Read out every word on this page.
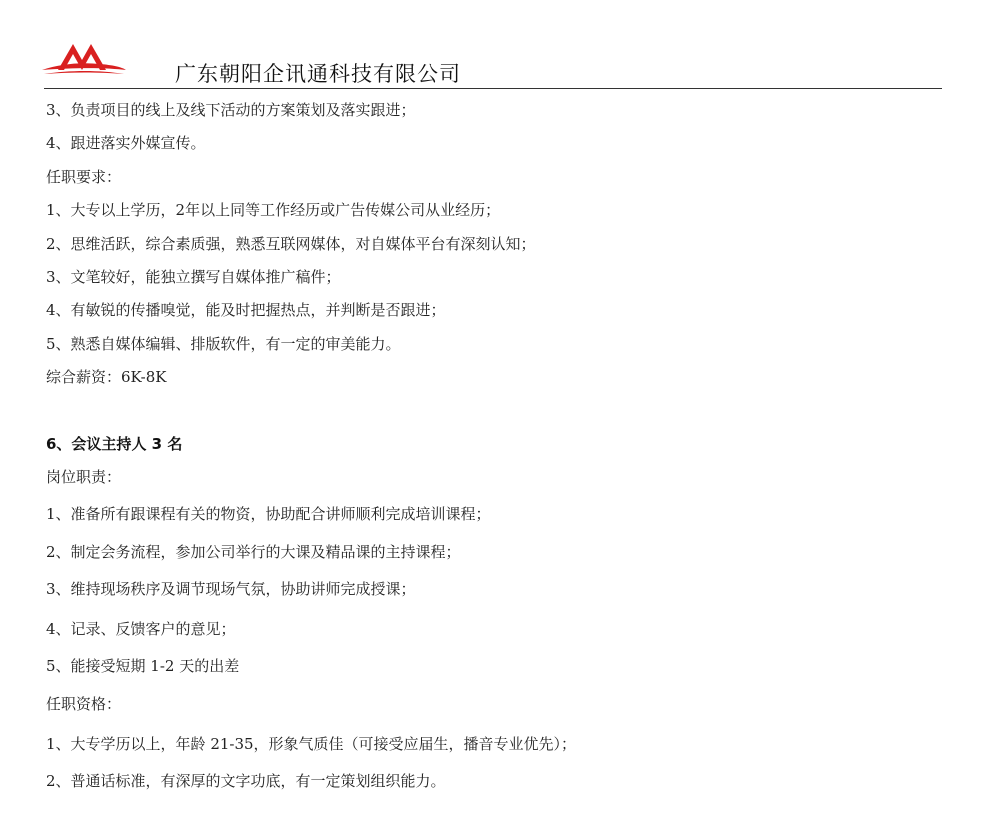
广东朝阳企讯通科技有限公司
3、负责项目的线上及线下活动的方案策划及落实跟进；
4、跟进落实外媒宣传。
任职要求：
1、大专以上学历，2年以上同等工作经历或广告传媒公司从业经历；
2、思维活跃，综合素质强，熟悉互联网媒体，对自媒体平台有深刻认知；
3、文笔较好，能独立撰写自媒体推广稿件；
4、有敏锐的传播嗅觉，能及时把握热点，并判断是否跟进；
5、熟悉自媒体编辑、排版软件，有一定的审美能力。
综合薪资：6K-8K
6、会议主持人 3 名
岗位职责：
1、准备所有跟课程有关的物资，协助配合讲师顺利完成培训课程；
2、制定会务流程，参加公司举行的大课及精品课的主持课程；
3、维持现场秩序及调节现场气氛，协助讲师完成授课；
4、记录、反馈客户的意见；
5、能接受短期 1-2 天的出差
任职资格：
1、大专学历以上，年龄 21-35，形象气质佳（可接受应届生，播音专业优先）；
2、普通话标准，有深厚的文字功底，有一定策划组织能力。
